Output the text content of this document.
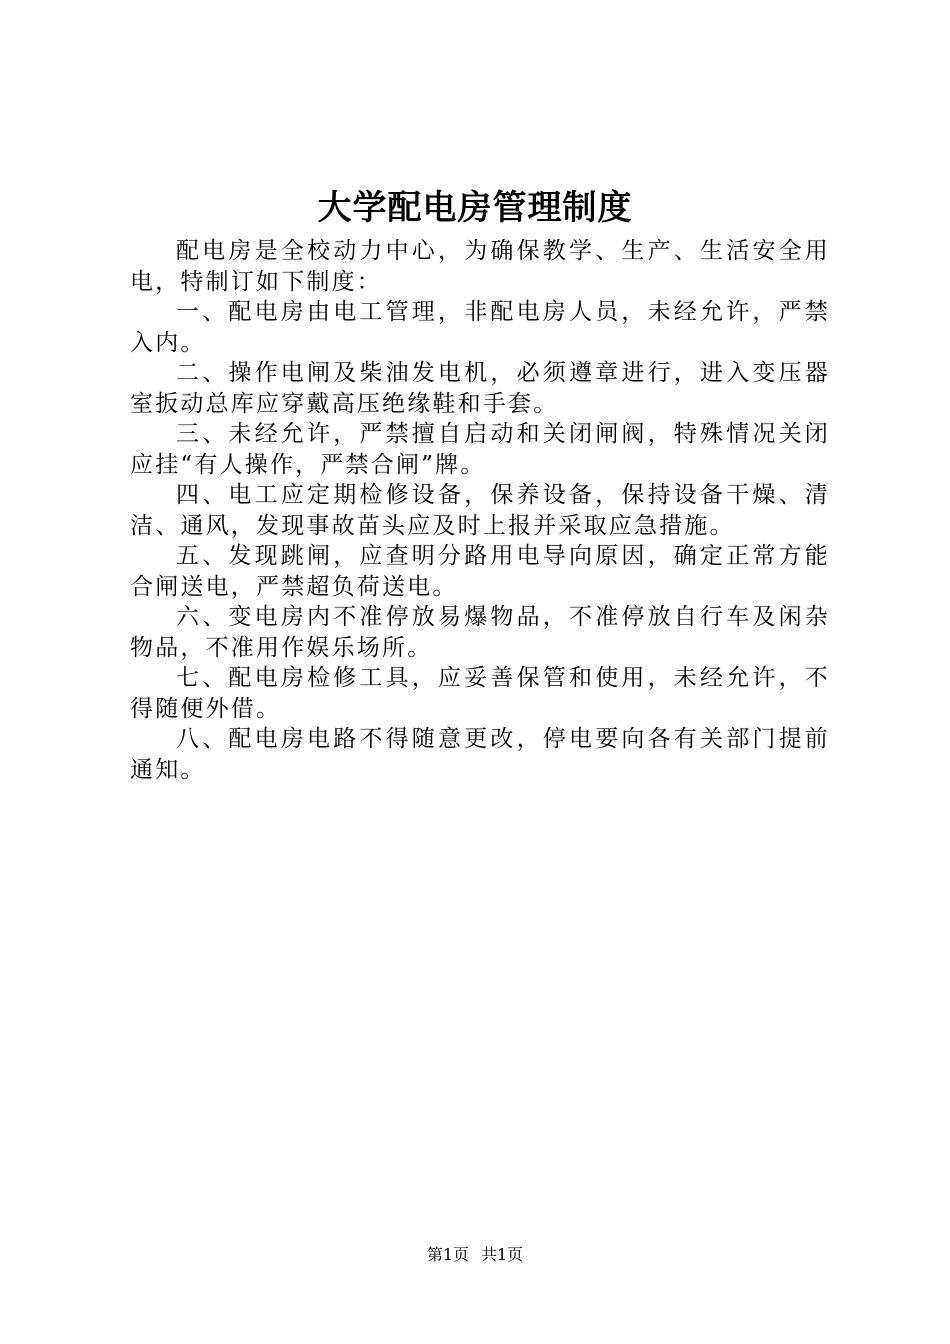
大学配电房管理制度

配电房是全校动力中心，为确保教学、生产、生活安全用电，特制订如下制度：

一、配电房由电工管理，非配电房人员，未经允许，严禁入内。

二、操作电闸及柴油发电机，必须遵章进行，进入变压器室扳动总库应穿戴高压绝缘鞋和手套。

三、未经允许，严禁擅自启动和关闭闸阀，特殊情况关闭应挂“有人操作，严禁合闸”牌。

四、电工应定期检修设备，保养设备，保持设备干燥、清洁、通风，发现事故苗头应及时上报并采取应急措施。

五、发现跳闸，应查明分路用电导向原因，确定正常方能合闸送电，严禁超负荷送电。

六、变电房内不准停放易爆物品，不准停放自行车及闲杂物品，不准用作娱乐场所。

七、配电房检修工具，应妥善保管和使用，未经允许，不得随便外借。

八、配电房电路不得随意更改，停电要向各有关部门提前通知。

第1页 共1页
